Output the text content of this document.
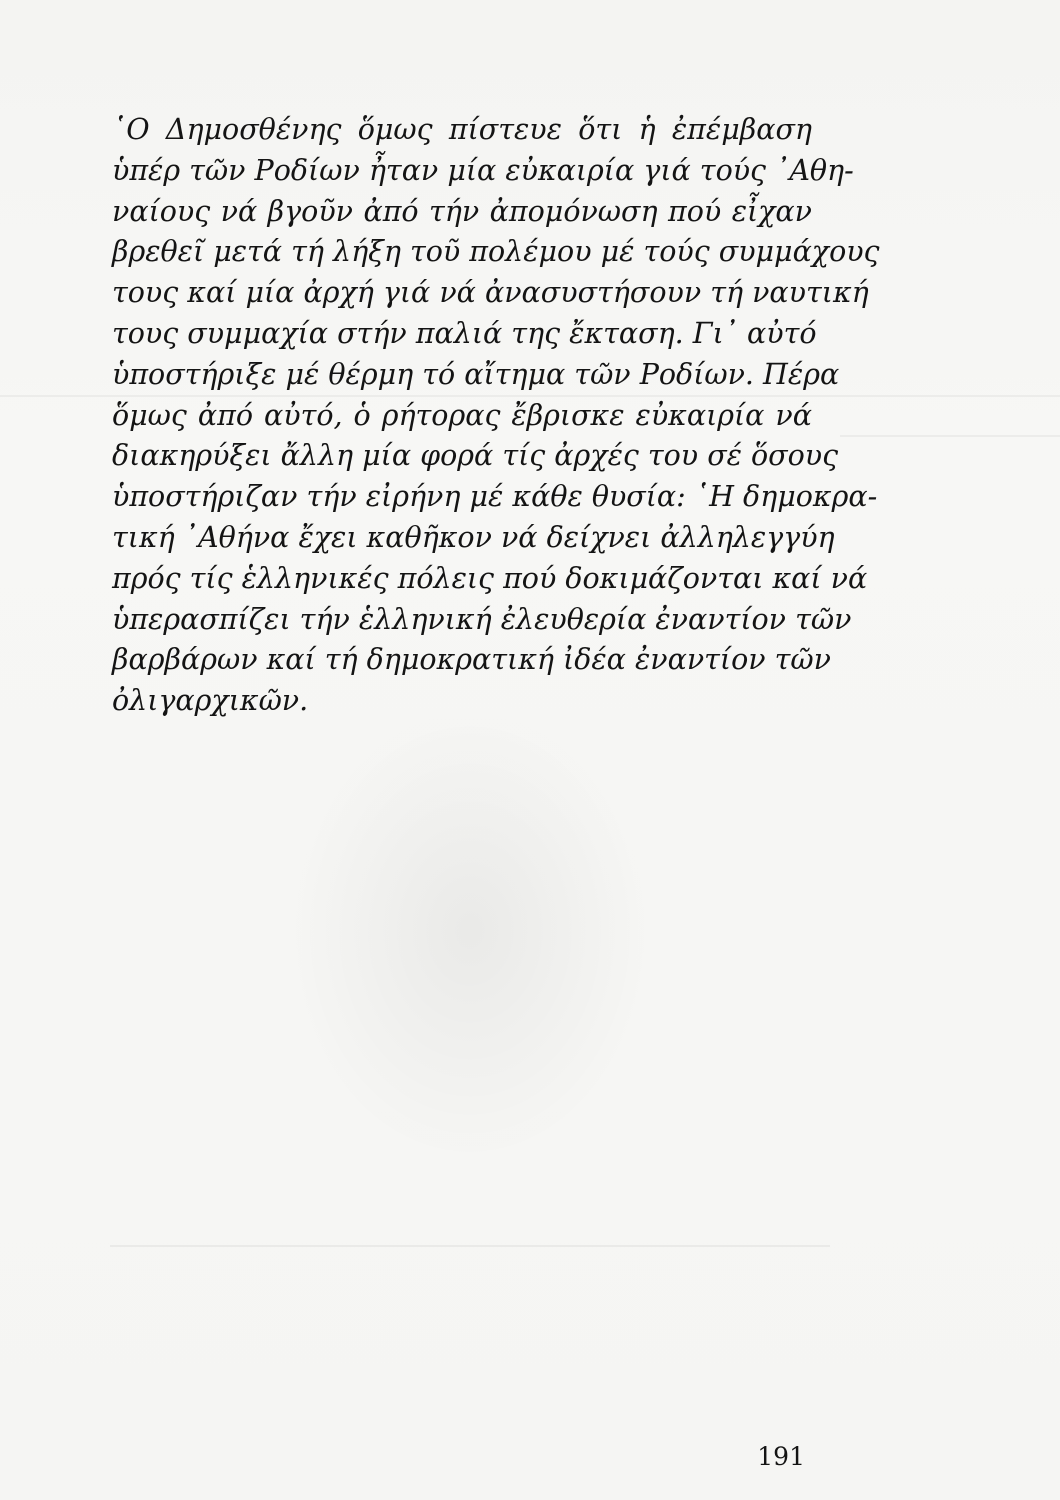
῾Ο Δημοσθένης ὅμως πίστευε ὅτι ἡ ἐπέμβαση
ὑπέρ τῶν Ροδίων ἦταν μία εὐκαιρία γιά τούς ᾿Αθη-
ναίους νά βγοῦν ἀπό τήν ἀπομόνωση πού εἶχαν
βρεθεῖ μετά τή λήξη τοῦ πολέμου μέ τούς συμμάχους
τους καί μία ἀρχή γιά νά ἀνασυστήσουν τή ναυτική
τους συμμαχία στήν παλιά της ἔκταση. Γι᾿ αὐτό
ὑποστήριξε μέ θέρμη τό αἴτημα τῶν Ροδίων. Πέρα
ὅμως ἀπό αὐτό, ὁ ρήτορας ἔβρισκε εὐκαιρία νά
διακηρύξει ἄλλη μία φορά τίς ἀρχές του σέ ὅσους
ὑποστήριζαν τήν εἰρήνη μέ κάθε θυσία: ῾Η δημοκρα-
τική ᾿Αθήνα ἔχει καθῆκον νά δείχνει ἀλληλεγγύη
πρός τίς ἑλληνικές πόλεις πού δοκιμάζονται καί νά
ὑπερασπίζει τήν ἑλληνική ἐλευθερία ἐναντίον τῶν
βαρβάρων καί τή δημοκρατική ἰδέα ἐναντίον τῶν
ὀλιγαρχικῶν.
191
